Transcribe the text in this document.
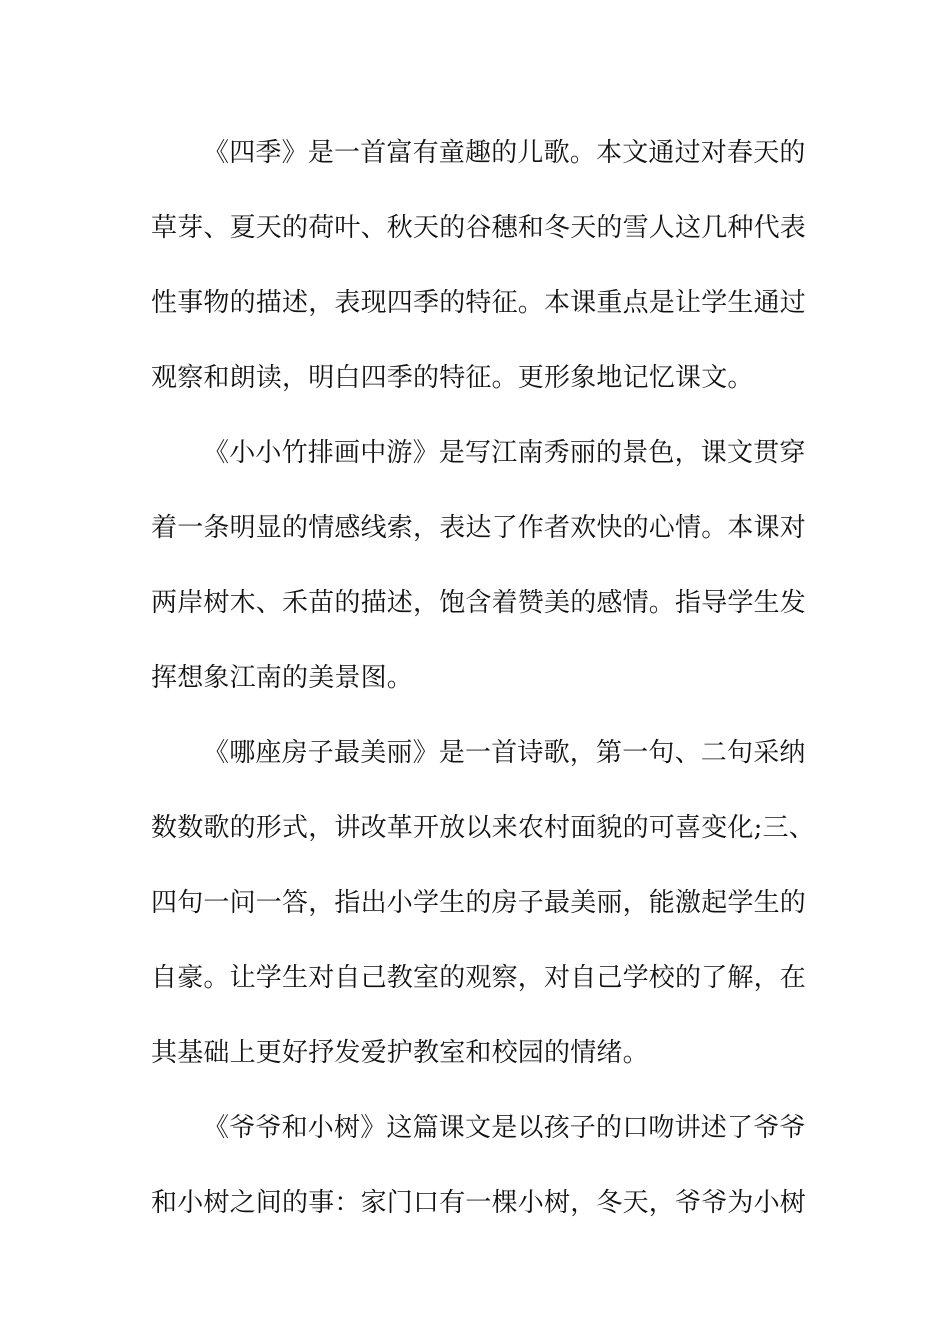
《四季》是一首富有童趣的儿歌。本文通过对春天的
草芽、夏天的荷叶、秋天的谷穗和冬天的雪人这几种代表
性事物的描述，表现四季的特征。本课重点是让学生通过
观察和朗读，明白四季的特征。更形象地记忆课文。
《小小竹排画中游》是写江南秀丽的景色，课文贯穿
着一条明显的情感线索，表达了作者欢快的心情。本课对
两岸树木、禾苗的描述，饱含着赞美的感情。指导学生发
挥想象江南的美景图。
《哪座房子最美丽》是一首诗歌，第一句、二句采纳
数数歌的形式，讲改革开放以来农村面貌的可喜变化;三、
四句一问一答，指出小学生的房子最美丽，能激起学生的
自豪。让学生对自己教室的观察，对自己学校的了解，在
其基础上更好抒发爱护教室和校园的情绪。
《爷爷和小树》这篇课文是以孩子的口吻讲述了爷爷
和小树之间的事：家门口有一棵小树，冬天，爷爷为小树
